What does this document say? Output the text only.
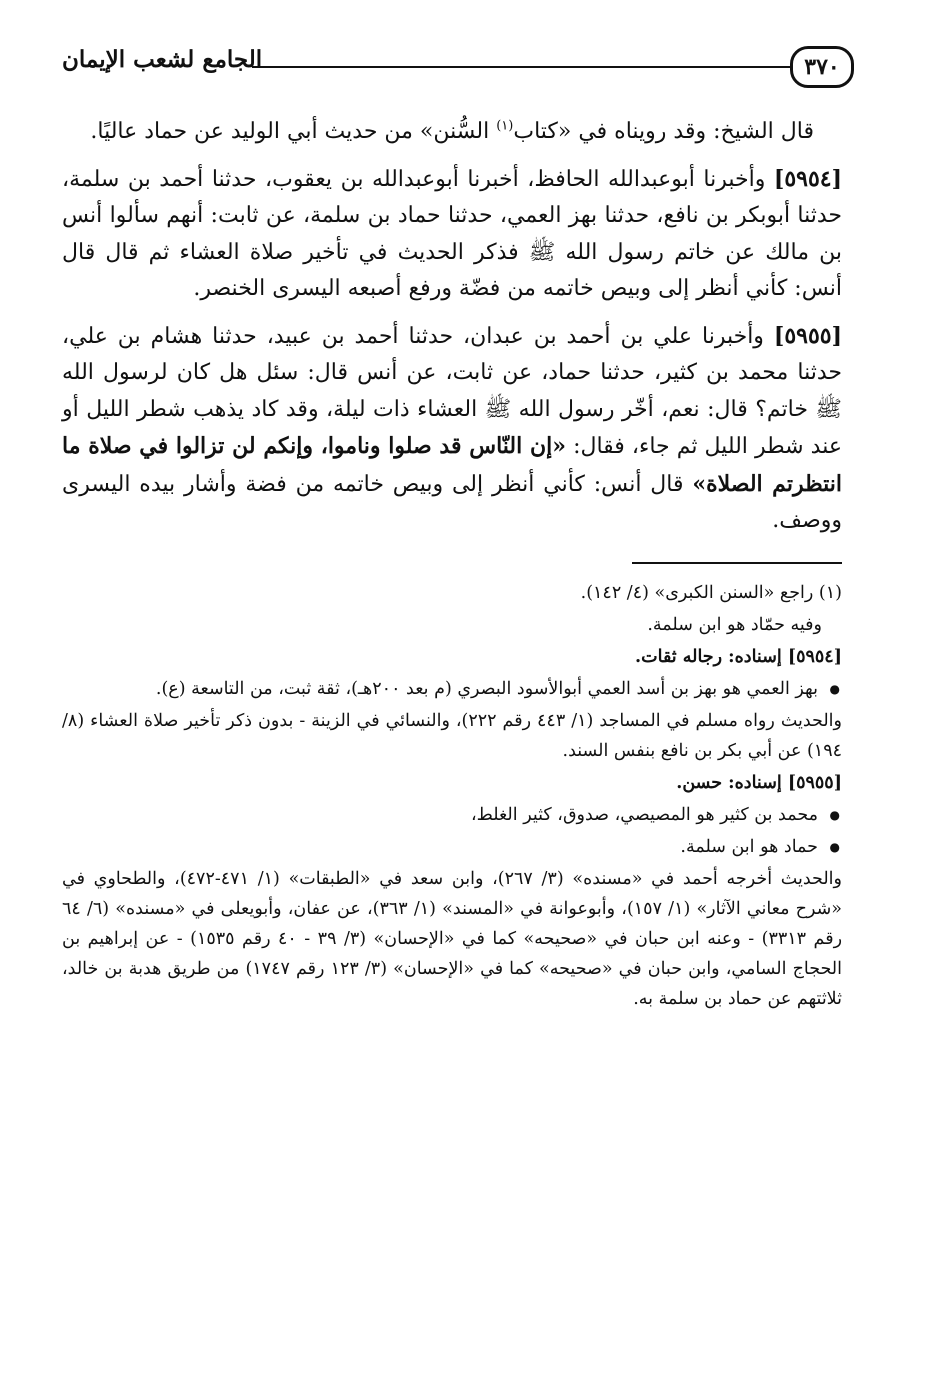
٣٧٠
الجامع لشعب الإيمان

قال الشيخ: وقد رويناه في «كتاب$^{(١)}$ السُّنن» من حديث أبي الوليد عن حماد عاليًا.

[٥٩٥٤] وأخبرنا أبوعبدالله الحافظ، أخبرنا أبوعبدالله بن يعقوب، حدثنا أحمد بن سلمة، حدثنا أبوبكر بن نافع، حدثنا بهز العمي، حدثنا حماد بن سلمة، عن ثابت: أنهم سألوا أنس بن مالك عن خاتم رسول الله ﷺ فذكر الحديث في تأخير صلاة العشاء ثم قال قال أنس: كأني أنظر إلى وبيص خاتمه من فضّة ورفع أصبعه اليسرى الخنصر.

[٥٩٥٥] وأخبرنا علي بن أحمد بن عبدان، حدثنا أحمد بن عبيد، حدثنا هشام بن علي، حدثنا محمد بن كثير، حدثنا حماد، عن ثابت، عن أنس قال: سئل هل كان لرسول الله ﷺ خاتم؟ قال: نعم، أخّر رسول الله ﷺ العشاء ذات ليلة، وقد كاد يذهب شطر الليل أو عند شطر الليل ثم جاء، فقال: «إن النّاس قد صلوا وناموا، وإنكم لن تزالوا في صلاة ما انتظرتم الصلاة» قال أنس: كأني أنظر إلى وبيص خاتمه من فضة وأشار بيده اليسرى ووصف.

(١) راجع «السنن الكبرى» (٤/ ١٤٢).

وفيه حمّاد هو ابن سلمة.

[٥٩٥٤] إسناده: رجاله ثقات.

● بهز العمي هو بهز بن أسد العمي أبوالأسود البصري (م بعد ٢٠٠هـ)، ثقة ثبت، من التاسعة (ع).

والحديث رواه مسلم في المساجد (١/ ٤٤٣ رقم ٢٢٢)، والنسائي في الزينة - بدون ذكر تأخير صلاة العشاء (٨/ ١٩٤) عن أبي بكر بن نافع بنفس السند.

[٥٩٥٥] إسناده: حسن.

● محمد بن كثير هو المصيصي، صدوق، كثير الغلط،

● حماد هو ابن سلمة.

والحديث أخرجه أحمد في «مسنده» (٣/ ٢٦٧)، وابن سعد في «الطبقات» (١/ ٤٧١-٤٧٢)، والطحاوي في «شرح معاني الآثار» (١/ ١٥٧)، وأبوعوانة في «المسند» (١/ ٣٦٣)، عن عفان، وأبويعلى في «مسنده» (٦/ ٦٤ رقم ٣٣١٣) - وعنه ابن حبان في «صحيحه» كما في «الإحسان» (٣/ ٣٩ - ٤٠ رقم ١٥٣٥) - عن إبراهيم بن الحجاج السامي، وابن حبان في «صحيحه» كما في «الإحسان» (٣/ ١٢٣ رقم ١٧٤٧) من طريق هدبة بن خالد، ثلاثتهم عن حماد بن سلمة به.
